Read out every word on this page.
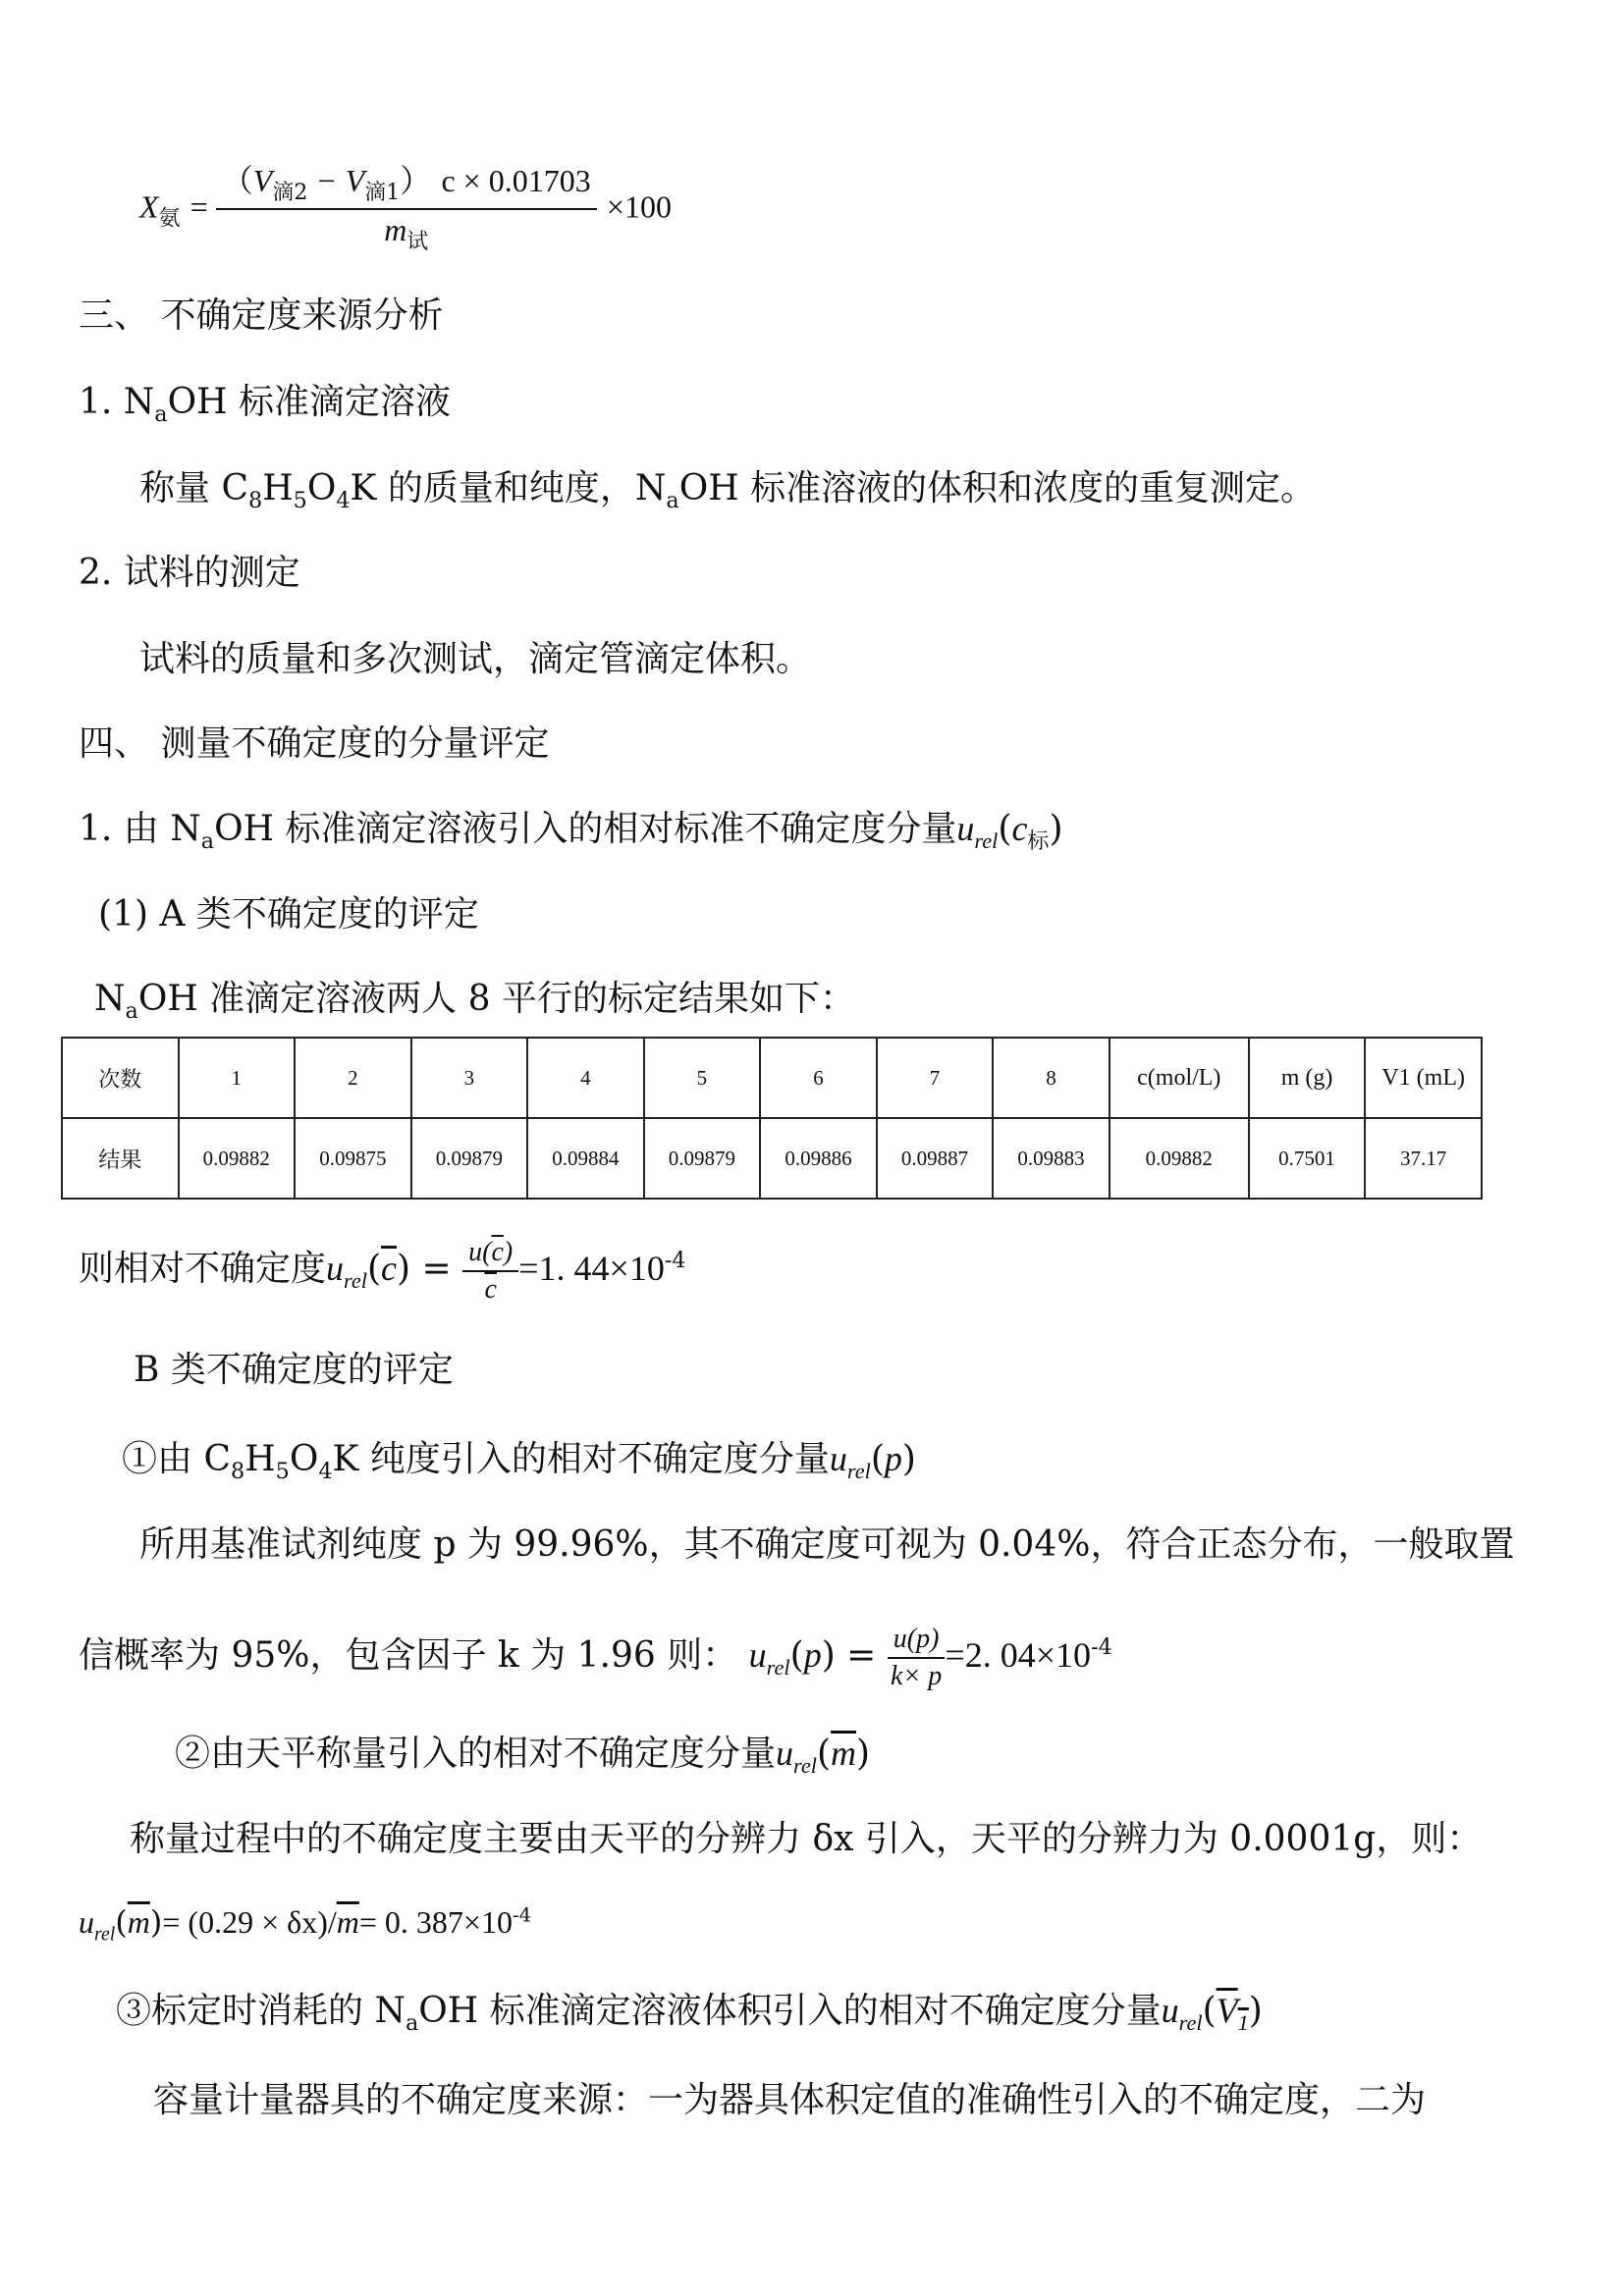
$X_氨 = \frac{(V_{滴2} - V_{滴1}) c \times 0.01703}{m_试} \times 100$
三、 不确定度来源分析
1. $N_aOH$ 标准滴定溶液
称量 $C_8H_5O_4K$ 的质量和纯度，$N_aOH$ 标准溶液的体积和浓度的重复测定。
2. 试料的测定
试料的质量和多次测试，滴定管滴定体积。
四、 测量不确定度的分量评定
1. 由 $N_aOH$ 标准滴定溶液引入的相对标准不确定度分量$u_{rel}(c_标)$
(1) A 类不确定度的评定
$N_aOH$ 准滴定溶液两人 8 平行的标定结果如下：
次数	1	2	3	4	5	6	7	8	c(mol/L)	m (g)	V1 (mL)
结果	0.09882	0.09875	0.09879	0.09884	0.09879	0.09886	0.09887	0.09883	0.09882	0.7501	37.17
则相对不确定度$u_{rel}(\overline{c}) = \frac{u(\overline{c})}{c} =1$. $44\times 10^{-4}$
B 类不确定度的评定
①由 $C_8H_5O_4K$ 纯度引入的相对不确定度分量$u_{rel}(p)$
所用基准试剂纯度 p 为 99.96%，其不确定度可视为 0.04%，符合正态分布，一般取置
信概率为 95%，包含因子 k 为 1.96 则： $u_{rel}(p) = \frac{u(p)}{k\times p} =2$. $04\times 10^{-4}$
②由天平称量引入的相对不确定度分量$u_{rel}(\overline{m})$
称量过程中的不确定度主要由天平的分辨力 δx 引入，天平的分辨力为 0.0001g，则：
$u_{rel}(\overline{m})= (0.29 \times \delta x)/\overline{m}= 0$. $387\times 10^{-4}$
③标定时消耗的 $N_aOH$ 标准滴定溶液体积引入的相对不确定度分量$u_{rel}(V_1)$
容量计量器具的不确定度来源：一为器具体积定值的准确性引入的不确定度，二为
